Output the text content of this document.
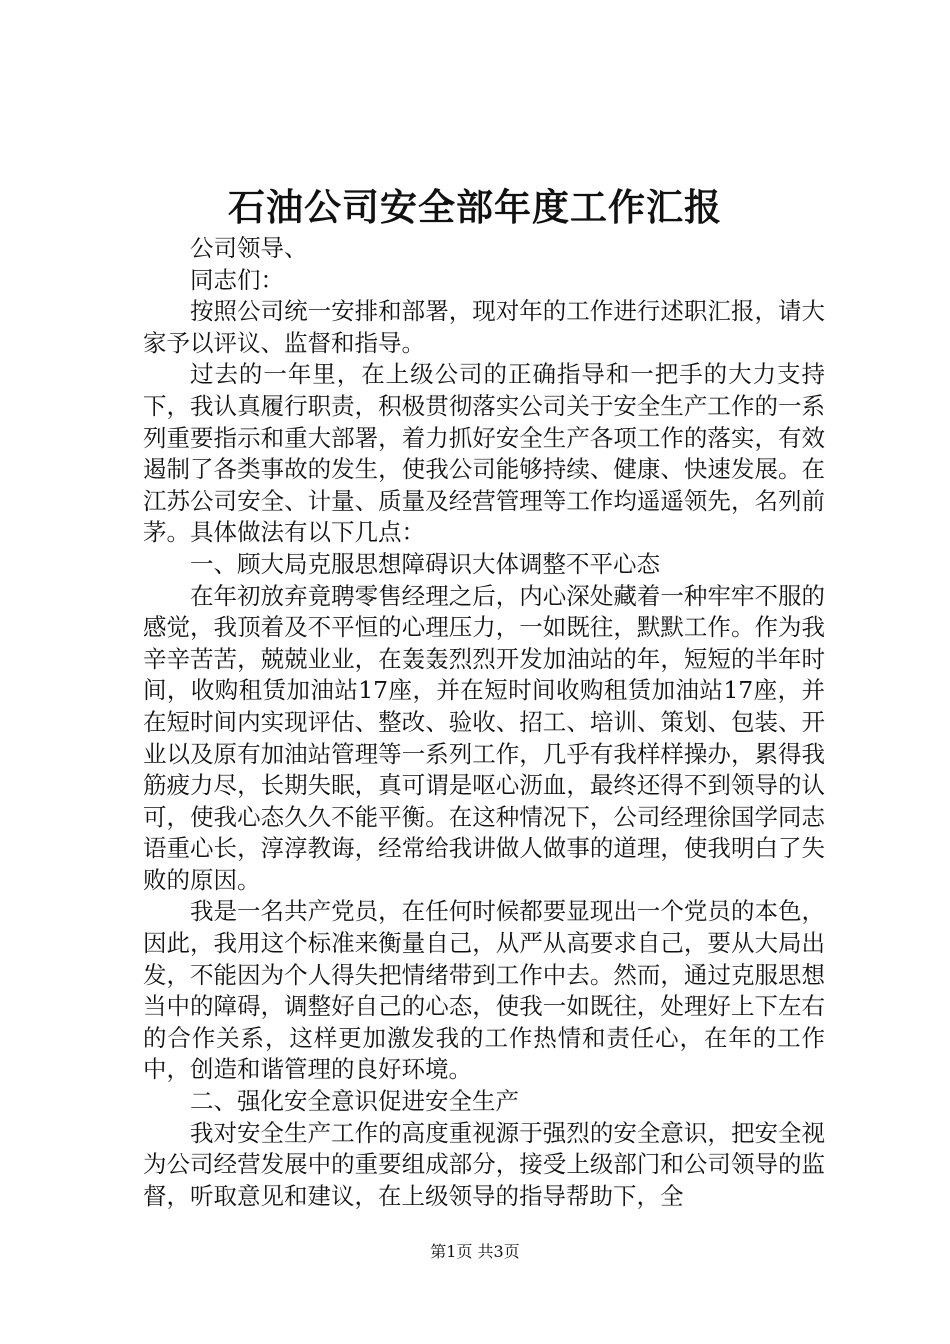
石油公司安全部年度工作汇报

公司领导、

同志们：

按照公司统一安排和部署，现对年的工作进行述职汇报，请大家予以评议、监督和指导。

过去的一年里，在上级公司的正确指导和一把手的大力支持下，我认真履行职责，积极贯彻落实公司关于安全生产工作的一系列重要指示和重大部署，着力抓好安全生产各项工作的落实，有效遏制了各类事故的发生，使我公司能够持续、健康、快速发展。在江苏公司安全、计量、质量及经营管理等工作均遥遥领先，名列前茅。具体做法有以下几点：

一、顾大局克服思想障碍识大体调整不平心态

在年初放弃竟聘零售经理之后，内心深处藏着一种牢牢不服的感觉，我顶着及不平恒的心理压力，一如既往，默默工作。作为我辛辛苦苦，兢兢业业，在轰轰烈烈开发加油站的年，短短的半年时间，收购租赁加油站17座，并在短时间收购租赁加油站17座，并在短时间内实现评估、整改、验收、招工、培训、策划、包装、开业以及原有加油站管理等一系列工作，几乎有我样样操办，累得我筋疲力尽，长期失眠，真可谓是呕心沥血，最终还得不到领导的认可，使我心态久久不能平衡。在这种情况下，公司经理徐国学同志语重心长，淳淳教诲，经常给我讲做人做事的道理，使我明白了失败的原因。

我是一名共产党员，在任何时候都要显现出一个党员的本色，因此，我用这个标准来衡量自己，从严从高要求自己，要从大局出发，不能因为个人得失把情绪带到工作中去。然而，通过克服思想当中的障碍，调整好自己的心态，使我一如既往，处理好上下左右的合作关系，这样更加激发我的工作热情和责任心，在年的工作中，创造和谐管理的良好环境。

二、强化安全意识促进安全生产

我对安全生产工作的高度重视源于强烈的安全意识，把安全视为公司经营发展中的重要组成部分，接受上级部门和公司领导的监督，听取意见和建议，在上级领导的指导帮助下，全

第1页 共3页
